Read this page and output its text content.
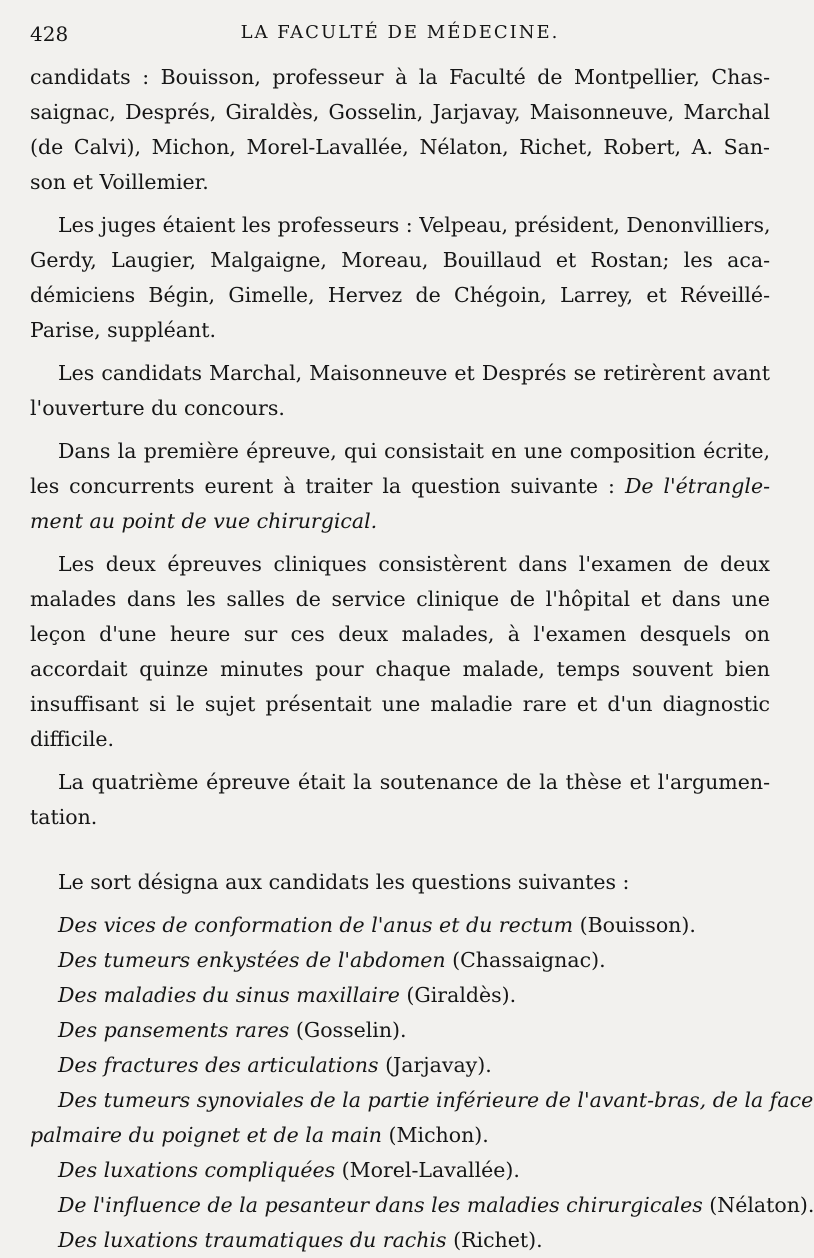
428	LA FACULTÉ DE MÉDECINE.
candidats : Bouisson, professeur à la Faculté de Montpellier, Chas-
saignac, Després, Giraldès, Gosselin, Jarjavay, Maisonneuve, Marchal
(de Calvi), Michon, Morel-Lavallée, Nélaton, Richet, Robert, A. San-
son et Voillemier.
Les juges étaient les professeurs : Velpeau, président, Denonvilliers,
Gerdy, Laugier, Malgaigne, Moreau, Bouillaud et Rostan; les aca-
démiciens Bégin, Gimelle, Hervez de Chégoin, Larrey, et Réveillé-
Parise, suppléant.
Les candidats Marchal, Maisonneuve et Després se retirèrent avant
l'ouverture du concours.
Dans la première épreuve, qui consistait en une composition écrite,
les concurrents eurent à traiter la question suivante : De l'étrangle-
ment au point de vue chirurgical.
Les deux épreuves cliniques consistèrent dans l'examen de deux
malades dans les salles de service clinique de l'hôpital et dans une
leçon d'une heure sur ces deux malades, à l'examen desquels on
accordait quinze minutes pour chaque malade, temps souvent bien
insuffisant si le sujet présentait une maladie rare et d'un diagnostic
difficile.
La quatrième épreuve était la soutenance de la thèse et l'argumen-
tation.
Le sort désigna aux candidats les questions suivantes :
Des vices de conformation de l'anus et du rectum (Bouisson).
Des tumeurs enkystées de l'abdomen (Chassaignac).
Des maladies du sinus maxillaire (Giraldès).
Des pansements rares (Gosselin).
Des fractures des articulations (Jarjavay).
Des tumeurs synoviales de la partie inférieure de l'avant-bras, de la face
palmaire du poignet et de la main (Michon).
Des luxations compliquées (Morel-Lavallée).
De l'influence de la pesanteur dans les maladies chirurgicales (Nélaton).
Des luxations traumatiques du rachis (Richet).
